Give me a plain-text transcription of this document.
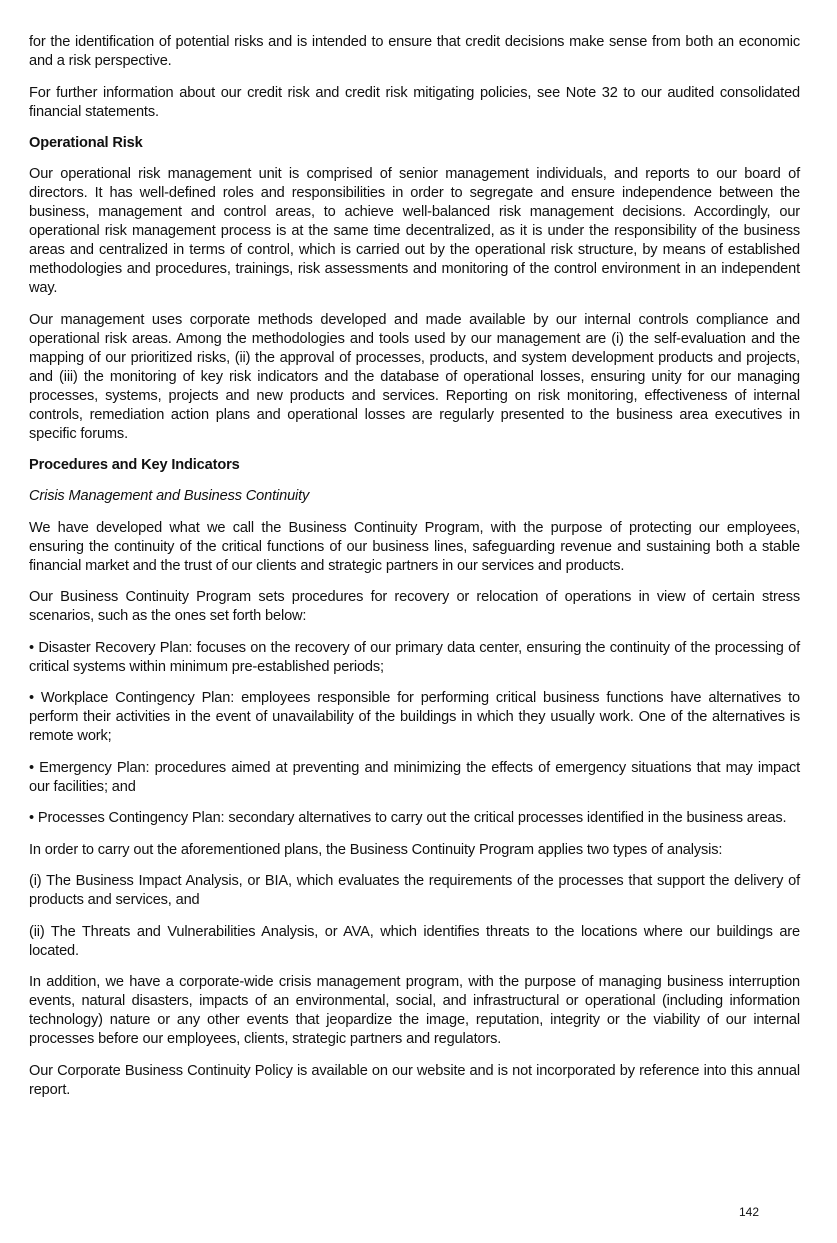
for the identification of potential risks and is intended to ensure that credit decisions make sense from both an economic and a risk perspective.

For further information about our credit risk and credit risk mitigating policies, see Note 32 to our audited consolidated financial statements.

Operational Risk

Our operational risk management unit is comprised of senior management individuals, and reports to our board of directors. It has well-defined roles and responsibilities in order to segregate and ensure independence between the business, management and control areas, to achieve well-balanced risk management decisions. Accordingly, our operational risk management process is at the same time decentralized, as it is under the responsibility of the business areas and centralized in terms of control, which is carried out by the operational risk structure, by means of established methodologies and procedures, trainings, risk assessments and monitoring of the control environment in an independent way.

Our management uses corporate methods developed and made available by our internal controls compliance and operational risk areas. Among the methodologies and tools used by our management are (i) the self-evaluation and the mapping of our prioritized risks, (ii) the approval of processes, products, and system development products and projects, and (iii) the monitoring of key risk indicators and the database of operational losses, ensuring unity for our managing processes, systems, projects and new products and services. Reporting on risk monitoring, effectiveness of internal controls, remediation action plans and operational losses are regularly presented to the business area executives in specific forums.

Procedures and Key Indicators

Crisis Management and Business Continuity

We have developed what we call the Business Continuity Program, with the purpose of protecting our employees, ensuring the continuity of the critical functions of our business lines, safeguarding revenue and sustaining both a stable financial market and the trust of our clients and strategic partners in our services and products.

Our Business Continuity Program sets procedures for recovery or relocation of operations in view of certain stress scenarios, such as the ones set forth below:

• Disaster Recovery Plan: focuses on the recovery of our primary data center, ensuring the continuity of the processing of critical systems within minimum pre-established periods;

• Workplace Contingency Plan: employees responsible for performing critical business functions have alternatives to perform their activities in the event of unavailability of the buildings in which they usually work. One of the alternatives is remote work;

• Emergency Plan: procedures aimed at preventing and minimizing the effects of emergency situations that may impact our facilities; and

• Processes Contingency Plan: secondary alternatives to carry out the critical processes identified in the business areas.

In order to carry out the aforementioned plans, the Business Continuity Program applies two types of analysis:

(i) The Business Impact Analysis, or BIA, which evaluates the requirements of the processes that support the delivery of products and services, and

(ii) The Threats and Vulnerabilities Analysis, or AVA, which identifies threats to the locations where our buildings are located.

In addition, we have a corporate-wide crisis management program, with the purpose of managing business interruption events, natural disasters, impacts of an environmental, social, and infrastructural or operational (including information technology) nature or any other events that jeopardize the image, reputation, integrity or the viability of our internal processes before our employees, clients, strategic partners and regulators.

Our Corporate Business Continuity Policy is available on our website and is not incorporated by reference into this annual report.

142
